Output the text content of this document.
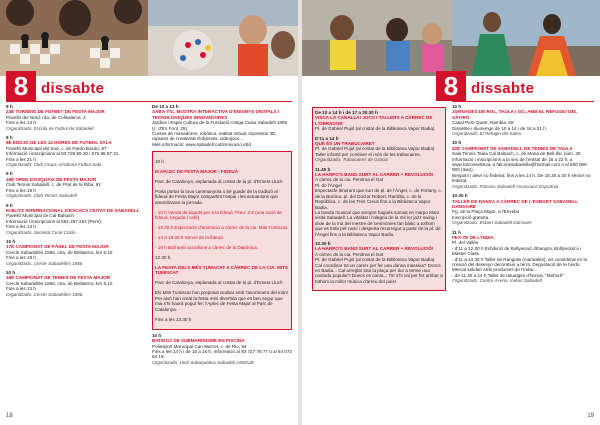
8 dissabte

9 h

24È TORNEIG DE FUTBET DE FESTA MAJOR

Pavelló del Nord, rda. de Collsalarca, 4

Fins a les 13 h

Organitzado: Escola de Futbol de Sabadell

9 h

9È EDICIÓ DE LES 12 HORES DE FUTBOL SALA

Pavelló Municipal del Sud, c. de Pardo Bazán, 57

Informació i inscripcions al 93 726 59 20 i 675 88 87 21.

Fins a les 21 h

Organitzado: Club Grups Arrahona Futbol Sala

9 h

19È OPEN D'ESQUAIX DE FESTA MAJOR

Club Tennis Sabadell, c. de Prat de la Riba, 91

Fins a les 19 h

Organitzado: Club Tennis Sabadell

9 h

III BLITZ INTERNACIONAL D'ESCACS CIUTAT DE SABADELL

Pavelló Municipal de Cal Balsach

Informació i inscripcions al 681 287 254 (Pere).

Fins a les 13 h

Organitzado: Societat Coral Colón

10 h

17È CAMPIONAT DE PÀDEL DE FESTA MAJOR

Cercle Sabadellès 1856, ctra. de Bellaterra, km 5,10

Fins a les 18 h

Organitzado: Cercle Sabadellès 1856

10 h

18È CAMPIONAT DE TENNIS DE FESTA MAJOR

Cercle Sabadellès 1856, ctra. de Bellaterra, km 5,10

Fins a les 13 h

Organitzado: Cercle Sabadellès 1856

De 10 a 13 h

SABA-TIC, MOSTRA INTERACTIVA D'ENGINYS DIGITALS I TECNOLÒGIQUES INNOVADORES

Jardins i Espai Cultura de la Fundació Antiga Caixa Sabadell 1859 (c. d'En Font, 25)

Cursos de manadores, robòtica, realitat virtual, impressió 3D, rapsans de creativitat d'objectes, videojocs...

Més informació: www.sabadell.cat/innovacio.ebd

10 h

III APLEC DE FESTA MAJOR - FIDEUÀ

Parc de Catalunya, esplanada al costat de la pl. d'Ernest Lluch

Porta portar la tova cammanyola o bé guadir de la tradició al fideuà de Festa Major compartint l'espai i les actuacions que amenitzaran la jornada.

- 10 h Venda de tiquets per a la fideuà. Preu: 3 € (una ració de fideuà, beguda i cafè).

- 12.30 h Espectacle d'animació a càrrec de la cia. Mits Tumiscat.

- 14 a 15.30 h Servei de la fideuà.

- 16 h Ball amb acordions a càrrec de la Diatònica.

12.30 h

LA FESTA DELS MÉS TUMACAT A CÀRREC DE LA CIA. MITS TUMISCAT

Parc de Catalunya, esplanada al costat de la pl. d'Ernest Lluch

Els Mits Tumiscat han proposat acabar amb l'avorriment del món! Per això han creat la festa més divertida que es ben segur que mai s'hi haurà pogut fer: l'Aplec de Festa Major al Parc de Catalunya.

Fins a les 13.30 h

10 h

BATEIGS DE SUBMARINISME EN PISCINA

Poliesport Municipal Can Marcet, c. de Rio, 54

Fins a les 14 h i de 15 a 18 h. Informació al 93 727 76 77 o al 64 072 64 19.

Organitzado: Unió Subaquàtica Sabadell UNISUB

18
8 dissabte

De 10 a 14 h i de 17 a 20.30 h

VISCA LA CANALLA! JOCS I TALLERS A CÀRREC DE L'OBRADOR

Pl. de Gabriel Pujol (al costat de la Biblioteca Vapor Badia)

D'11 a 14 h

QUÈ ÉS UN TRABUCAIRE?

Pl. de Gabriel Pujol (al costat de la Biblioteca Vapor Badia)

Taller infantil per conèixer el món de les trabucaires.

Organitzado: Trabucaires de Gràcia

11.45 h

LA HARPO'S BAND SURT AL CARRER + REVOLUCIÓ!

A càrrec de la cia. Penitma el Gat

Pl. de l'Àngel

Espectacle itinerant que surt de pl. de l'Àngel, c. de Fortuny, c. de la Borrina, pl. del Doctor Robert, Rambla, c. de la República, c. de les Tres Creus fins a la Biblioteca Vapor Badia.

La banda musical que sempre hagués somiat en Harpo Marx visita Sabadell. La vitalitat i l'alegria de la mil·lor jazz swing i dixie de la mà del mestre de cerimònies fan bàsic a tothom que es trobi pel camí i desperta recorregut a partir de la pl. de l'Àngel fins a la Biblioteca Vapor Badia.

12.30 h

LA HARPO'S BAND SURT AL CARRER + REVOLUCIÓ!

A càrrec de la cia. Penitma el Gat

Pl. de Gabriel Pujol (al costat de la Biblioteca Vapor Badia)

Cal coordinar tot un carrer per fer una dansa massiva? Doncs en Badia... Cal arreglar tota la plaça per dur a terme una cantada popular? Doncs es canta... Tot s'hi val per fer arribar a tothom la millor música d'arreu del país!

10 h

JORNADES DE ROL, TAULA I GO, AMB EL REFUGIO DEL SÀTIRO

Casal Pere Quart, Rambla, 69

Dissabte i diumenge de 10 a 14 i de 16 a 21 h.

Organitzado: El Refugio del Sàtiro

10 h

52È CAMPIONAT DE SABADELL DE TENNIS DE TAULA

Sala Tennis Taula Cal Balsach, c. de Maria de Bell-lloc núm. 35

Informació i inscripcions a la seu de l'entitat de 18 a 22 h, a www.falconsetttcat, a falconssabadella@hotmail.com o al 600 056 960 (Isan).

Benjamí i aleví no federat: fins a les 14 h. De 16.30 a 20 h sènior no federat.

Organitzado: Falcons Sabadell Associació Esportiva

10.30 h

TALLER DE DANSA A CÀRREC DE L'ESBART SABADELL DANSAIRE

Pg. de la Plaça Major, a l'Envelat

Inscripció gratuïta.

Organitzado: Esbart Sabadell Dansaire

11 h

FES-TE DE L'ÍNDIA

Pl. del Vallès

- d'11 a 12.30 h Exhibició de Bollywood, Bhangra, Bollywood a i Màster Class

- d'11 a 13.30 h Taller de Rangolis (mandales), art considerat en la creació del desenyo decoratius a terra. Degustació de te hindú. Mercat solidari amb productes de l'Índia...

- de 11.30 a 14 h Taller de tatuatges d'henna, "Mehndi"

Organitzado: Centre Asena, Indian Sabadell

19
